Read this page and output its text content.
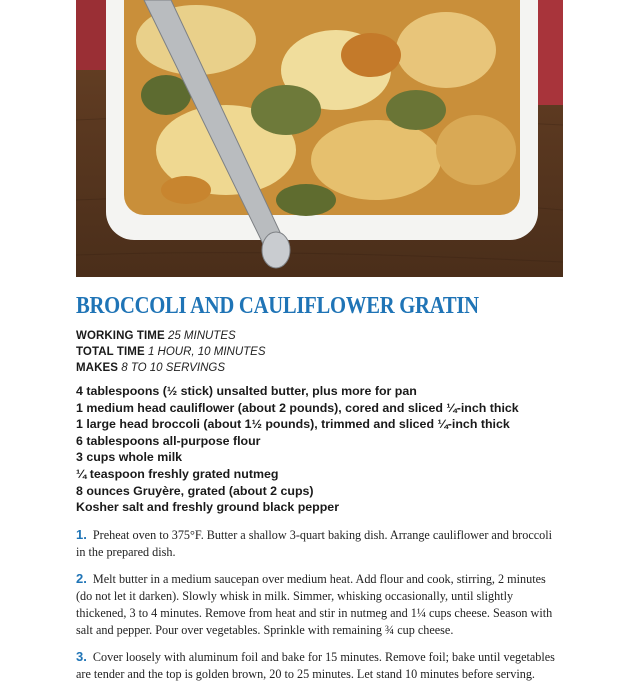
BROCCOLI AND CAULIFLOWER GRATIN
WORKING TIME 25 MINUTES
TOTAL TIME 1 HOUR, 10 MINUTES
MAKES 8 TO 10 SERVINGS
4 tablespoons (½ stick) unsalted butter, plus more for pan
1 medium head cauliflower (about 2 pounds), cored and sliced ¼-inch thick
1 large head broccoli (about 1½ pounds), trimmed and sliced ¼-inch thick
6 tablespoons all-purpose flour
3 cups whole milk
¼ teaspoon freshly grated nutmeg
8 ounces Gruyère, grated (about 2 cups)
Kosher salt and freshly ground black pepper
1. Preheat oven to 375°F. Butter a shallow 3-quart baking dish. Arrange cauliflower and broccoli in the prepared dish.
2. Melt butter in a medium saucepan over medium heat. Add flour and cook, stirring, 2 minutes (do not let it darken). Slowly whisk in milk. Simmer, whisking occasionally, until slightly thickened, 3 to 4 minutes. Remove from heat and stir in nutmeg and 1¼ cups cheese. Season with salt and pepper. Pour over vegetables. Sprinkle with remaining ¾ cup cheese.
3. Cover loosely with aluminum foil and bake for 15 minutes. Remove foil; bake until vegetables are tender and the top is golden brown, 20 to 25 minutes. Let stand 10 minutes before serving.
